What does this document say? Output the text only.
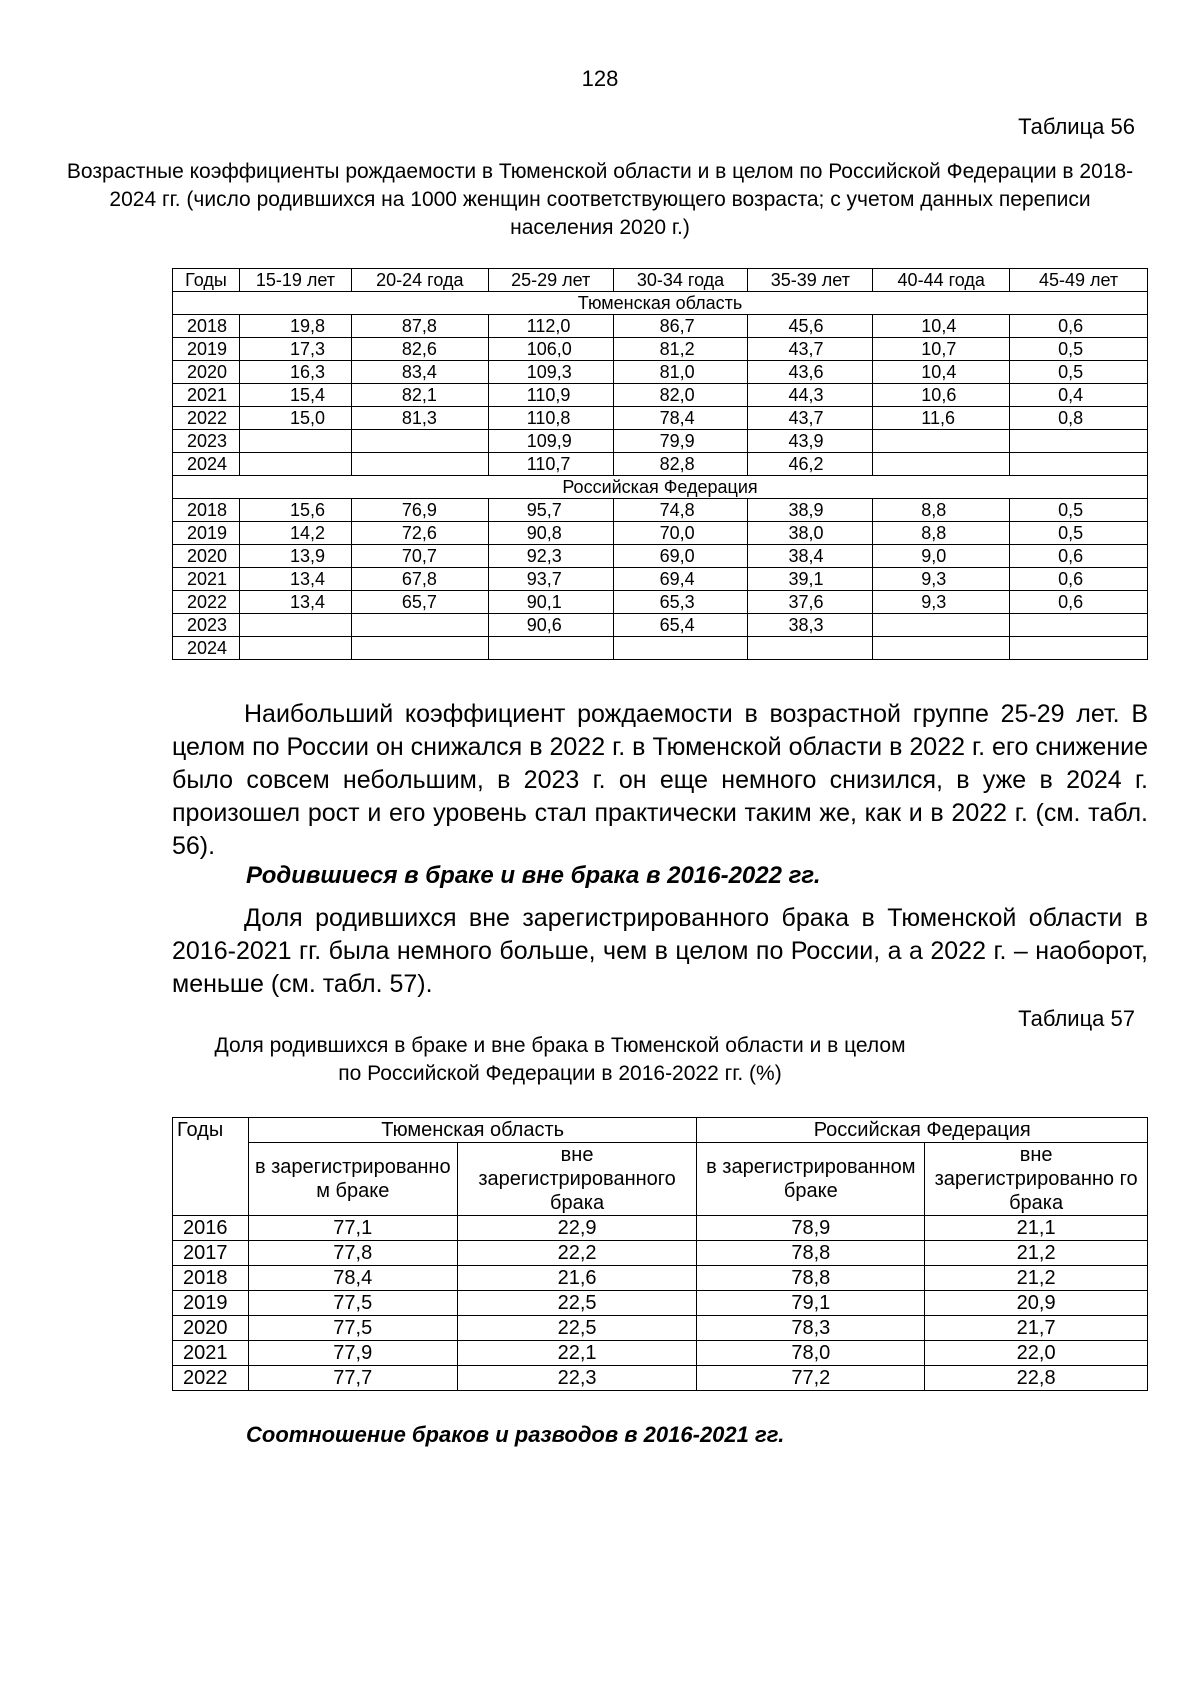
128
Таблица 56
Возрастные коэффициенты рождаемости в Тюменской области и в целом по Российской Федерации в 2018-2024 гг. (число родившихся на 1000 женщин соответствующего возраста; с учетом данных переписи населения 2020 г.)
Годы	15-19 лет	20-24 года	25-29 лет	30-34 года	35-39 лет	40-44 года	45-49 лет
Тюменская область							
2018	19,8	87,8	112,0	86,7	45,6	10,4	0,6
2019	17,3	82,6	106,0	81,2	43,7	10,7	0,5
2020	16,3	83,4	109,3	81,0	43,6	10,4	0,5
2021	15,4	82,1	110,9	82,0	44,3	10,6	0,4
2022	15,0	81,3	110,8	78,4	43,7	11,6	0,8
2023			109,9	79,9	43,9		
2024			110,7	82,8	46,2		
Российская Федерация							
2018	15,6	76,9	95,7	74,8	38,9	8,8	0,5
2019	14,2	72,6	90,8	70,0	38,0	8,8	0,5
2020	13,9	70,7	92,3	69,0	38,4	9,0	0,6
2021	13,4	67,8	93,7	69,4	39,1	9,3	0,6
2022	13,4	65,7	90,1	65,3	37,6	9,3	0,6
2023			90,6	65,4	38,3		
2024							
Наибольший коэффициент рождаемости в возрастной группе 25-29 лет. В целом по России он снижался в 2022 г. в Тюменской области в 2022 г. его снижение было совсем небольшим, в 2023 г. он еще немного снизился, в уже в 2024 г. произошел рост и его уровень стал практически таким же, как и в 2022 г. (см. табл. 56).
Родившиеся в браке и вне брака в 2016-2022 гг.
Доля родившихся вне зарегистрированного брака в Тюменской области в 2016-2021 гг. была немного больше, чем в целом по России, а а 2022 г. – наоборот, меньше (см. табл. 57).
Таблица 57
Доля родившихся в браке и вне брака в Тюменской области и в целом
по Российской Федерации в 2016-2022 гг. (%)
Годы	Тюменская область		Российская Федерация	
	в зарегистрированно м браке	вне зарегистрированного брака	в зарегистрированном браке	вне зарегистрированно го брака
2016	77,1	22,9	78,9	21,1
2017	77,8	22,2	78,8	21,2
2018	78,4	21,6	78,8	21,2
2019	77,5	22,5	79,1	20,9
2020	77,5	22,5	78,3	21,7
2021	77,9	22,1	78,0	22,0
2022	77,7	22,3	77,2	22,8
Соотношение браков и разводов в 2016-2021 гг.
